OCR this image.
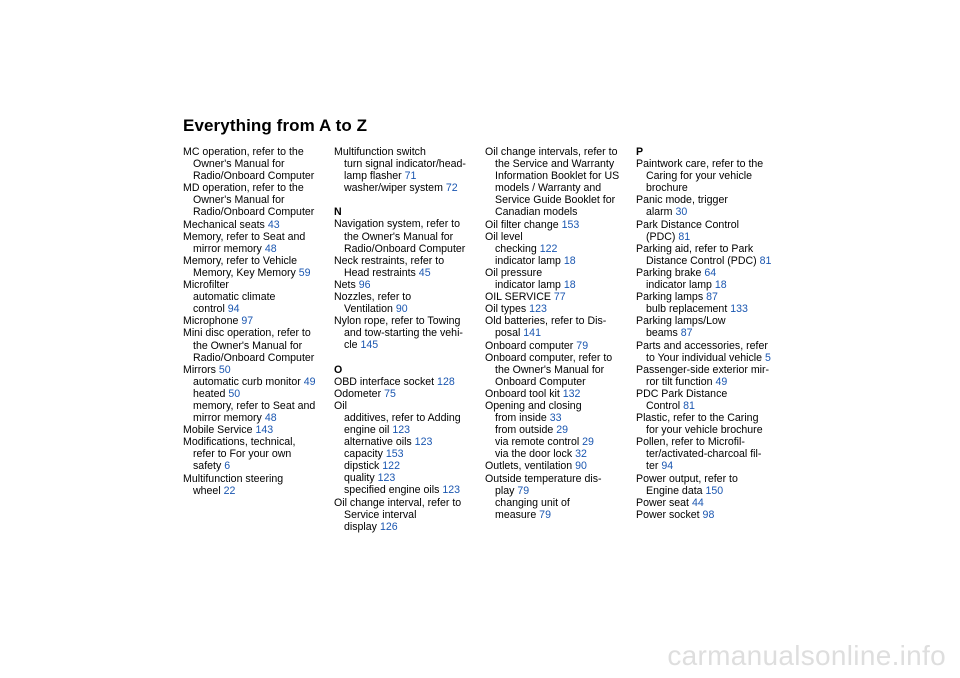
Everything from A to Z
MC operation, refer to the
Owner's Manual for
Radio/Onboard Computer
MD operation, refer to the
Owner's Manual for
Radio/Onboard Computer
Mechanical seats 43
Memory, refer to Seat and
mirror memory 48
Memory, refer to Vehicle
Memory, Key Memory 59
Microfilter
automatic climate
control 94
Microphone 97
Mini disc operation, refer to
the Owner's Manual for
Radio/Onboard Computer
Mirrors 50
automatic curb monitor 49
heated 50
memory, refer to Seat and
mirror memory 48
Mobile Service 143
Modifications, technical,
refer to For your own
safety 6
Multifunction steering
wheel 22
Multifunction switch
turn signal indicator/head-
lamp flasher 71
washer/wiper system 72
N
Navigation system, refer to
the Owner's Manual for
Radio/Onboard Computer
Neck restraints, refer to
Head restraints 45
Nets 96
Nozzles, refer to
Ventilation 90
Nylon rope, refer to Towing
and tow-starting the vehi-
cle 145
O
OBD interface socket 128
Odometer 75
Oil
additives, refer to Adding
engine oil 123
alternative oils 123
capacity 153
dipstick 122
quality 123
specified engine oils 123
Oil change interval, refer to
Service interval
display 126
Oil change intervals, refer to
the Service and Warranty
Information Booklet for US
models / Warranty and
Service Guide Booklet for
Canadian models
Oil filter change 153
Oil level
checking 122
indicator lamp 18
Oil pressure
indicator lamp 18
OIL SERVICE 77
Oil types 123
Old batteries, refer to Dis-
posal 141
Onboard computer 79
Onboard computer, refer to
the Owner's Manual for
Onboard Computer
Onboard tool kit 132
Opening and closing
from inside 33
from outside 29
via remote control 29
via the door lock 32
Outlets, ventilation 90
Outside temperature dis-
play 79
changing unit of
measure 79
P
Paintwork care, refer to the
Caring for your vehicle
brochure
Panic mode, trigger
alarm 30
Park Distance Control
(PDC) 81
Parking aid, refer to Park
Distance Control (PDC) 81
Parking brake 64
indicator lamp 18
Parking lamps 87
bulb replacement 133
Parking lamps/Low
beams 87
Parts and accessories, refer
to Your individual vehicle 5
Passenger-side exterior mir-
ror tilt function 49
PDC Park Distance
Control 81
Plastic, refer to the Caring
for your vehicle brochure
Pollen, refer to Microfil-
ter/activated-charcoal fil-
ter 94
Power output, refer to
Engine data 150
Power seat 44
Power socket 98
carmanualsonline.info
